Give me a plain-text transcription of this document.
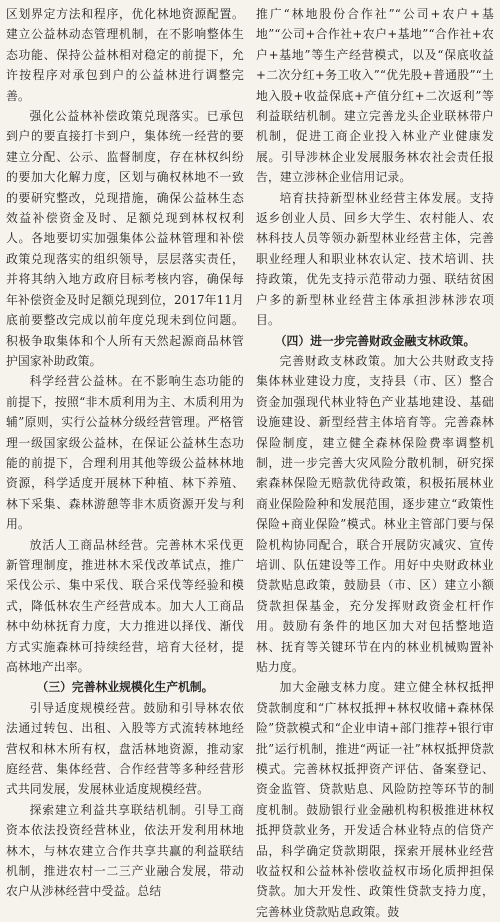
区划界定方法和程序，优化林地资源配置。建立公益林动态管理机制，在不影响整体生态功能、保持公益林相对稳定的前提下，允许按程序对承包到户的公益林进行调整完善。

强化公益林补偿政策兑现落实。已承包到户的要直接打卡到户，集体统一经营的要建立分配、公示、监督制度，存在林权纠纷的要加大化解力度，区划与确权林地不一致的要研究整改，兑现措施，确保公益林生态效益补偿资金及时、足额兑现到林权权利人。各地要切实加强集体公益林管理和补偿政策兑现落实的组织领导，层层落实责任，并将其纳入地方政府目标考核内容，确保每年补偿资金及时足额兑现到位，2017年11月底前要整改完成以前年度兑现未到位问题。积极争取集体和个人所有天然起源商品林管护国家补助政策。

科学经营公益林。在不影响生态功能的前提下，按照“非木质利用为主、木质利用为辅”原则，实行公益林分级经营管理。严格管理一级国家级公益林，在保证公益林生态功能的前提下，合理利用其他等级公益林林地资源，科学适度开展林下种植、林下养殖、林下采集、森林游憩等非木质资源开发与利用。

放活人工商品林经营。完善林木采伐更新管理制度，推进林木采伐改革试点，推广采伐公示、集中采伐、联合采伐等经验和模式，降低林农生产经营成本。加大人工商品林中幼林抚育力度，大力推进以择伐、渐伐方式实施森林可持续经营，培育大径材，提高林地产出率。

（三）完善林业规模化生产机制。

引导适度规模经营。鼓励和引导林农依法通过转包、出租、入股等方式流转林地经营权和林木所有权，盘活林地资源，推动家庭经营、集体经营、合作经营等多种经营形式共同发展，发展林业适度规模经营。

探索建立利益共享联结机制。引导工商资本依法投资经营林业，依法开发利用林地林木，与林农建立合作共享共赢的利益联结机制，推进农村一二三产业融合发展，带动农户从涉林经营中受益。总结

推广“林地股份合作社”“公司+农户+基地”“公司+合作社+农户+基地”“合作社+农户+基地”等生产经营模式，以及“保底收益+二次分红+务工收入”“优先股+普通股”“土地入股+收益保底+产值分红+二次返利”等利益联结机制。建立完善龙头企业联林带户机制，促进工商企业投入林业产业健康发展。引导涉林企业发展服务林农社会责任报告，建立涉林企业信用记录。

培育扶持新型林业经营主体发展。支持返乡创业人员、回乡大学生、农村能人、农林科技人员等领办新型林业经营主体，完善职业经理人和职业林农认定、技术培训、扶持政策，优先支持示范带动力强、联结贫困户多的新型林业经营主体承担涉林涉农项目。

（四）进一步完善财政金融支林政策。

完善财政支林政策。加大公共财政支持集体林业建设力度，支持县（市、区）整合资金加强现代林业特色产业基地建设、基础设施建设、新型经营主体培育等。完善森林保险制度，建立健全森林保险费率调整机制，进一步完善大灾风险分散机制，研究探索森林保险无赔款优待政策，积极拓展林业商业保险险种和发展范围，逐步建立“政策性保险+商业保险”模式。林业主管部门要与保险机构协同配合，联合开展防灾减灾、宣传培训、队伍建设等工作。用好中央财政林业贷款贴息政策，鼓励县（市、区）建立小额贷款担保基金，充分发挥财政资金杠杆作用。鼓励有条件的地区加大对包括整地造林、抚育等关键环节在内的林业机械购置补贴力度。

加大金融支林力度。建立健全林权抵押贷款制度和“广林权抵押+林权收储+森林保险”贷款模式和“企业申请+部门推荐+银行审批”运行机制，推进“两证一社”林权抵押贷款模式。完善林权抵押资产评估、备案登记、资金监管、贷款贴息、风险防控等环节的制度机制。鼓励银行业金融机构积极推进林权抵押贷款业务，开发适合林业特点的信贷产品，科学确定贷款期限，探索开展林业经营收益权和公益林补偿收益权市场化质押担保贷款。加大开发性、政策性贷款支持力度，完善林业贷款贴息政策。鼓
